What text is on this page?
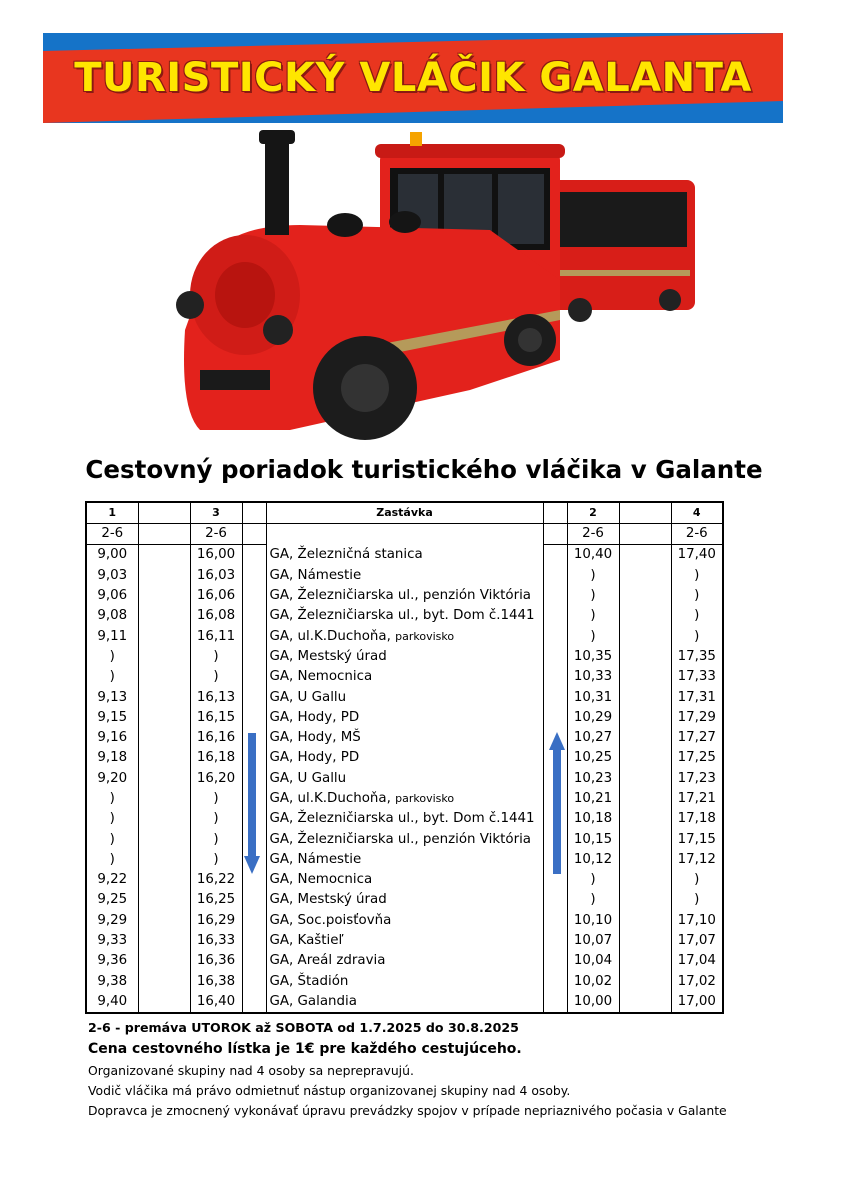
TURISTICKÝ VLÁČIK GALANTA
Cestovný poriadok turistického vláčika v Galante
1		3		Zastávka		2		4
2-6		2-6				2-6		2-6
9,00		16,00		GA, Železničná stanica		10,40		17,40
9,03		16,03		GA, Námestie		)		)
9,06		16,06		GA, Železničiarska ul., penzión Viktória		)		)
9,08		16,08		GA, Železničiarska ul., byt. Dom č.1441		)		)
9,11		16,11		GA, ul.K.Duchoňa, parkovisko		)		)
)		)		GA, Mestský úrad		10,35		17,35
)		)		GA, Nemocnica		10,33		17,33
9,13		16,13		GA, U Gallu		10,31		17,31
9,15		16,15		GA, Hody, PD		10,29		17,29
9,16		16,16		GA, Hody, MŠ		10,27		17,27
9,18		16,18		GA, Hody, PD		10,25		17,25
9,20		16,20		GA, U Gallu		10,23		17,23
)		)		GA, ul.K.Duchoňa, parkovisko		10,21		17,21
)		)		GA, Železničiarska ul., byt. Dom č.1441		10,18		17,18
)		)		GA, Železničiarska ul., penzión Viktória		10,15		17,15
)		)		GA, Námestie		10,12		17,12
9,22		16,22		GA, Nemocnica		)		)
9,25		16,25		GA, Mestský úrad		)		)
9,29		16,29		GA, Soc.poisťovňa		10,10		17,10
9,33		16,33		GA, Kaštieľ		10,07		17,07
9,36		16,36		GA, Areál zdravia		10,04		17,04
9,38		16,38		GA, Štadión		10,02		17,02
9,40		16,40		GA, Galandia		10,00		17,00
2-6 - premáva UTOROK až SOBOTA od 1.7.2025 do 30.8.2025
Cena cestovného lístka je 1€ pre každého cestujúceho.
Organizované skupiny nad 4 osoby sa neprepravujú.
Vodič vláčika má právo odmietnuť nástup organizovanej skupiny nad 4 osoby.
Dopravca je zmocnený vykonávať úpravu prevádzky spojov v prípade nepriaznivého počasia v Galante
